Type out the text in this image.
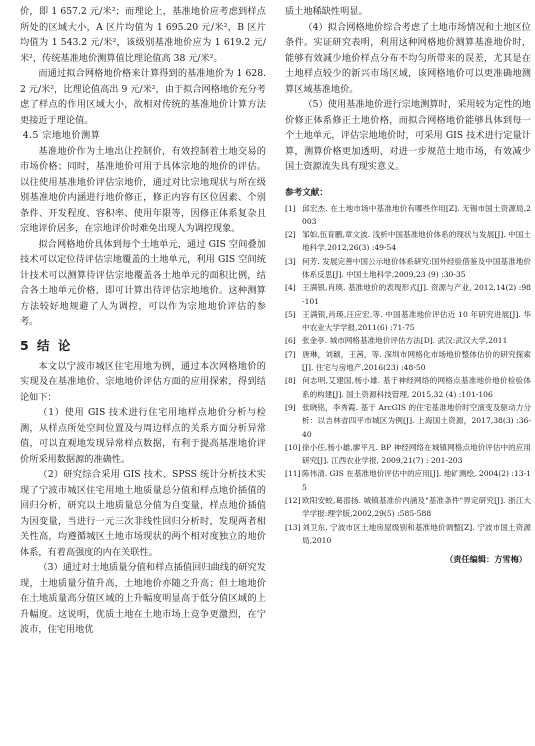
价，即 1 657.2 元/米²；而理论上，基准地价应考虑到样点所处的区域大小，A 区片均值为 1 695.20 元/米²，B 区片均值为 1 543.2 元/米²，该级别基准地价应为 1 619.2 元/米²，传统基准地价测算值比理论值高 38 元/米²。

而通过拟合网格地价格来计算得到的基准地价为 1 628.2 元/米²，比理论值高出 9 元/米²，由于拟合网格地价充分考虑了样点的作用区域大小，故相对传统的基准地价计算方法更接近于理论值。

4.5 宗地地价测算

基准地价作为土地出让控制价，有效控制着土地交易的市场价格；同时，基准地价可用于具体宗地的地价的评估。以往使用基准地价评估宗地价，通过对比宗地现状与所在级别基准地价内涵进行地价修正，修正内容有区位因素、个别条件、开发程度、容积率、使用年限等，因修正体系复杂且宗地评价居多，在宗地评价时难免出现人为调控现象。

拟合网格地价具体到每个土地单元，通过 GIS 空间叠加技术可以定位待评估宗地覆盖的土地单元，利用 GIS 空间统计技术可以测算待评估宗地覆盖各土地单元的面积比例，结合各土地单元价格，即可计算出待评估宗地地价。这种测算方法较好地规避了人为调控，可以作为宗地地价评估的参考。

5 结 论

本文以宁波市城区住宅用地为例，通过本次网格地价的实现及在基准地价、宗地地价评估方面的应用探索，得到结论如下：

（1）使用 GIS 技术进行住宅用地样点地价分析与检测，从样点所处空间位置及与周边样点的关系方面分析异常值，可以直观地发现异常样点数据，有利于提高基准地价评价所采用数据源的准确性。

（2）研究综合采用 GIS 技术、SPSS 统计分析技术实现了宁波市城区住宅用地土地质量总分值和样点地价插值的回归分析，研究以土地质量总分值为自变量，样点地价插值为因变量，当进行一元三次非线性回归分析时，发现两者相关性高，均遵循城区土地市场现状的两个相对度独立的地价体系，有着高强度的内在关联性。

（3）通过对土地质量分值和样点插值回归曲线的研究发现，土地质量分值升高，土地地价亦随之升高；但土地地价在土地质量高分值区域的上升幅度明显高于低分值区域的上升幅度。这说明，优质土地在土地市场上竞争更激烈，在宁波市，住宅用地优

质土地稀缺性明显。

（4）拟合网格地价综合考虑了土地市场情况和土地区位条件。实证研究表明，利用这种网格地价测算基准地价时，能够有效减少地价样点分布不均匀所带来的误差，尤其是在土地样点较少的新兴市场区域，该网格地价可以更准确地测算区域基准地价。

（5）使用基准地价进行宗地测算时，采用较为定性的地价修正体系修正土地价格，而拟合网格地价能够具体到每一个土地单元，评估宗地地价时，可采用 GIS 技术进行定量计算，测算价格更加透明，对进一步规范土地市场，有效减少国土资源流失具有现实意义。

参考文献：
[1] 邱宏杰. 在土地市场中基准地价有哪些作用[Z]. 无锡市国土资源局,2003
[2] 邹如,伍育鹏,章文波. 浅析中国基准地价体系的现状与发展[J]. 中国土地科学,2012,26(3) :49-54
[3] 何芳. 发展完善中国公示地价体系研究:国外经验借鉴及中国基准地价体系反思[J]. 中国土地科学,2009,23 (9) :30-35
[4] 王满银,肖瑛. 基准地价的表现形式[J]. 资源与产业, 2012,14(2) :98-101
[5] 王满银,肖瑛,汪应宏,等. 中国基准地价评估近 10 年研究进展[J]. 华中农业大学学报,2011(6) :71-75
[6] 张金亭. 城市网格基准地价评估方法[D]. 武汉:武汉大学,2011
[7] 唐琳，刘颖，王茜，等. 深圳市网格化市场地价整体估价的研究探索[J]. 住宅与房地产,2016(23) :48-50
[8] 何志明,艾建国,杨小雄. 基于神经网络的网格点基准地价地价检验体系的构建[J]. 国土资源科技管理, 2015,32 (4) :101-106
[9] 张晓铭，李秀霞. 基于 ArcGIS 的住宅基准地价时空演变及驱动力分析：以吉林省四平市城区为例[J]. 上海国土资源，2017,38(3) :36-40
[10]徐小任,杨小雄,廖平凡. BP 神经网络在城镇网格点地价评估中的应用研究[J]. 江西农业学报, 2009,21(7) : 201-203
[11]陈伟清. GIS 在基准地价评估中的应用[J]. 地矿测绘, 2004(2) :13-15
[12]欧阳安蛟,葛邵扬. 城镇基准价内涵及"基准条件"界定研究[J]. 浙江大学学报:理学版,2002,29(5) :585-588
[13]刘卫东. 宁波市区土地房屋级别和基准地价调整[Z]. 宁波市国土资源局,2010

（责任编辑：方雪梅）
